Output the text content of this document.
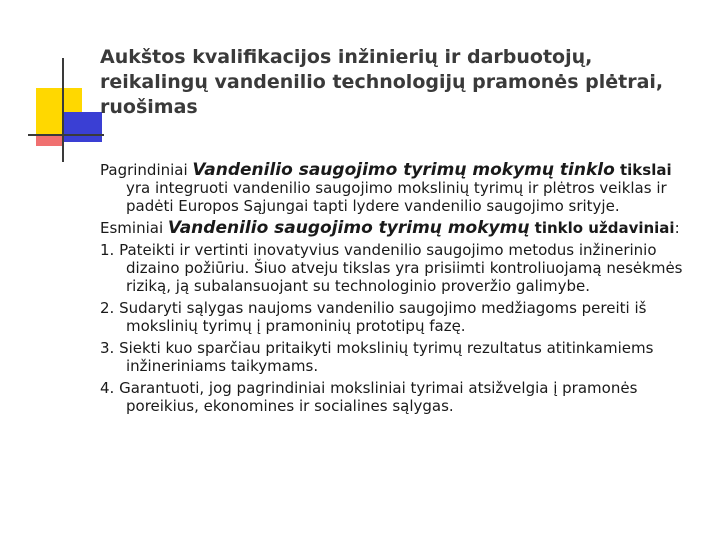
Aukštos kvalifikacijos inžinierių ir darbuotojų, reikalingų vandenilio technologijų pramonės plėtrai, ruošimas

Pagrindiniai Vandenilio saugojimo tyrimų mokymų tinklo tikslai yra integruoti vandenilio saugojimo mokslinių tyrimų ir plėtros veiklas ir padėti Europos Sąjungai tapti lydere vandenilio saugojimo srityje.

Esminiai Vandenilio saugojimo tyrimų mokymų tinklo uždaviniai:

1. Pateikti ir vertinti inovatyvius vandenilio saugojimo metodus inžinerinio dizaino požiūriu. Šiuo atveju tikslas yra prisiimti kontroliuojamą nesėkmės riziką, ją subalansuojant su technologinio proveržio galimybe.

2. Sudaryti sąlygas naujoms vandenilio saugojimo medžiagoms pereiti iš mokslinių tyrimų į pramoninių prototipų fazę.

3. Siekti kuo sparčiau pritaikyti mokslinių tyrimų rezultatus atitinkamiems inžineriniams taikymams.

4. Garantuoti, jog pagrindiniai moksliniai tyrimai atsižvelgia į pramonės poreikius, ekonomines ir socialines sąlygas.
